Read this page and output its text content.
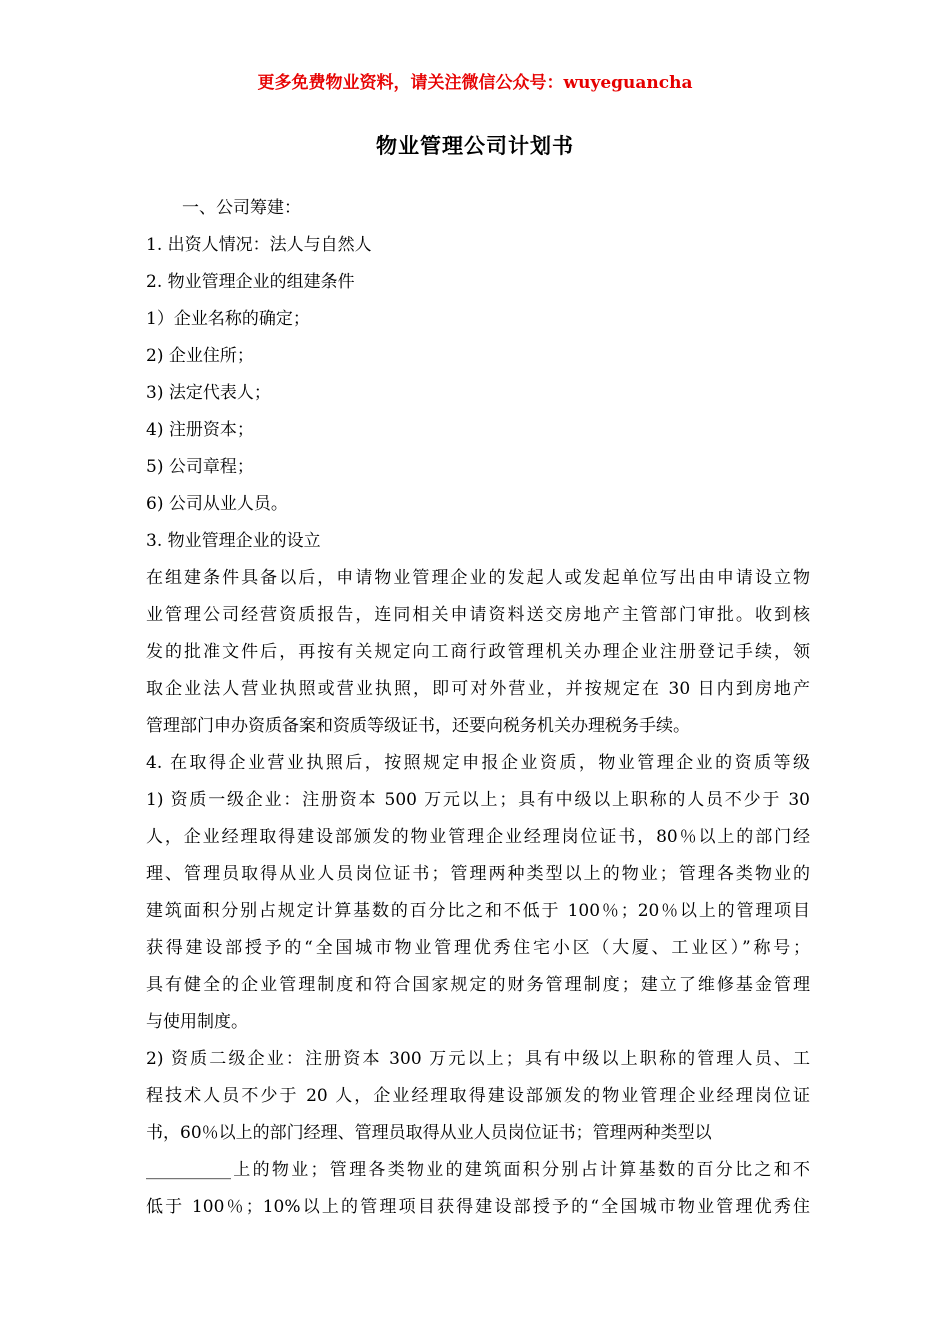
更多免费物业资料，请关注微信公众号：wuyeguancha
物业管理公司计划书
一、公司筹建：
1. 出资人情况：法人与自然人
2. 物业管理企业的组建条件
1）企业名称的确定；
2) 企业住所；
3) 法定代表人；
4) 注册资本；
5) 公司章程；
6) 公司从业人员。
3. 物业管理企业的设立
在组建条件具备以后，申请物业管理企业的发起人或发起单位写出由申请设立物
业管理公司经营资质报告，连同相关申请资料送交房地产主管部门审批。收到核
发的批准文件后，再按有关规定向工商行政管理机关办理企业注册登记手续，领
取企业法人营业执照或营业执照，即可对外营业，并按规定在 30 日内到房地产
管理部门申办资质备案和资质等级证书，还要向税务机关办理税务手续。
4. 在取得企业营业执照后，按照规定申报企业资质，物业管理企业的资质等级
1) 资质一级企业：注册资本 500 万元以上；具有中级以上职称的人员不少于 30
人，企业经理取得建设部颁发的物业管理企业经理岗位证书，80％以上的部门经
理、管理员取得从业人员岗位证书；管理两种类型以上的物业；管理各类物业的
建筑面积分别占规定计算基数的百分比之和不低于 100％；20％以上的管理项目
获得建设部授予的“全国城市物业管理优秀住宅小区（大厦、工业区）”称号；
具有健全的企业管理制度和符合国家规定的财务管理制度；建立了维修基金管理
与使用制度。
2) 资质二级企业：注册资本 300 万元以上；具有中级以上职称的管理人员、工
程技术人员不少于 20 人，企业经理取得建设部颁发的物业管理企业经理岗位证
书，60％以上的部门经理、管理员取得从业人员岗位证书；管理两种类型以
__________上的物业；管理各类物业的建筑面积分别占计算基数的百分比之和不
低于 100％；10%以上的管理项目获得建设部授予的“全国城市物业管理优秀住
